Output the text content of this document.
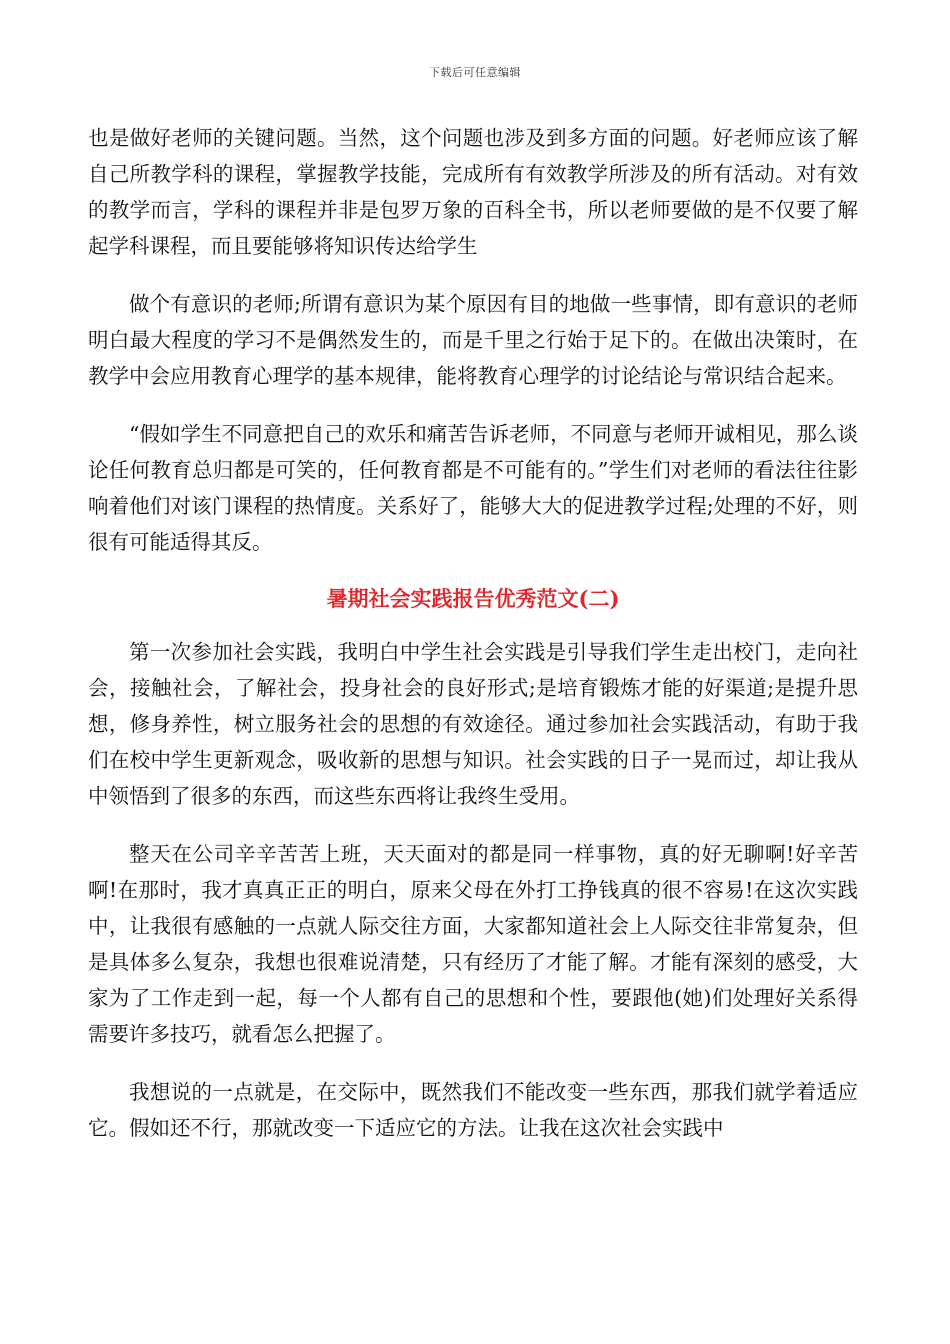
下载后可任意编辑

也是做好老师的关键问题。当然，这个问题也涉及到多方面的问题。好老师应该了解自己所教学科的课程，掌握教学技能，完成所有有效教学所涉及的所有活动。对有效的教学而言，学科的课程并非是包罗万象的百科全书，所以老师要做的是不仅要了解起学科课程，而且要能够将知识传达给学生

做个有意识的老师;所谓有意识为某个原因有目的地做一些事情，即有意识的老师明白最大程度的学习不是偶然发生的，而是千里之行始于足下的。在做出决策时，在教学中会应用教育心理学的基本规律，能将教育心理学的讨论结论与常识结合起来。

“假如学生不同意把自己的欢乐和痛苦告诉老师，不同意与老师开诚相见，那么谈论任何教育总归都是可笑的，任何教育都是不可能有的。”学生们对老师的看法往往影响着他们对该门课程的热情度。关系好了，能够大大的促进教学过程;处理的不好，则很有可能适得其反。

暑期社会实践报告优秀范文(二)

第一次参加社会实践，我明白中学生社会实践是引导我们学生走出校门，走向社会，接触社会，了解社会，投身社会的良好形式;是培育锻炼才能的好渠道;是提升思想，修身养性，树立服务社会的思想的有效途径。通过参加社会实践活动，有助于我们在校中学生更新观念，吸收新的思想与知识。社会实践的日子一晃而过，却让我从中领悟到了很多的东西，而这些东西将让我终生受用。

整天在公司辛辛苦苦上班，天天面对的都是同一样事物，真的好无聊啊!好辛苦啊!在那时，我才真真正正的明白，原来父母在外打工挣钱真的很不容易!在这次实践中，让我很有感触的一点就人际交往方面，大家都知道社会上人际交往非常复杂，但是具体多么复杂，我想也很难说清楚，只有经历了才能了解。才能有深刻的感受，大家为了工作走到一起，每一个人都有自己的思想和个性，要跟他(她)们处理好关系得需要许多技巧，就看怎么把握了。

我想说的一点就是，在交际中，既然我们不能改变一些东西，那我们就学着适应它。假如还不行，那就改变一下适应它的方法。让我在这次社会实践中
